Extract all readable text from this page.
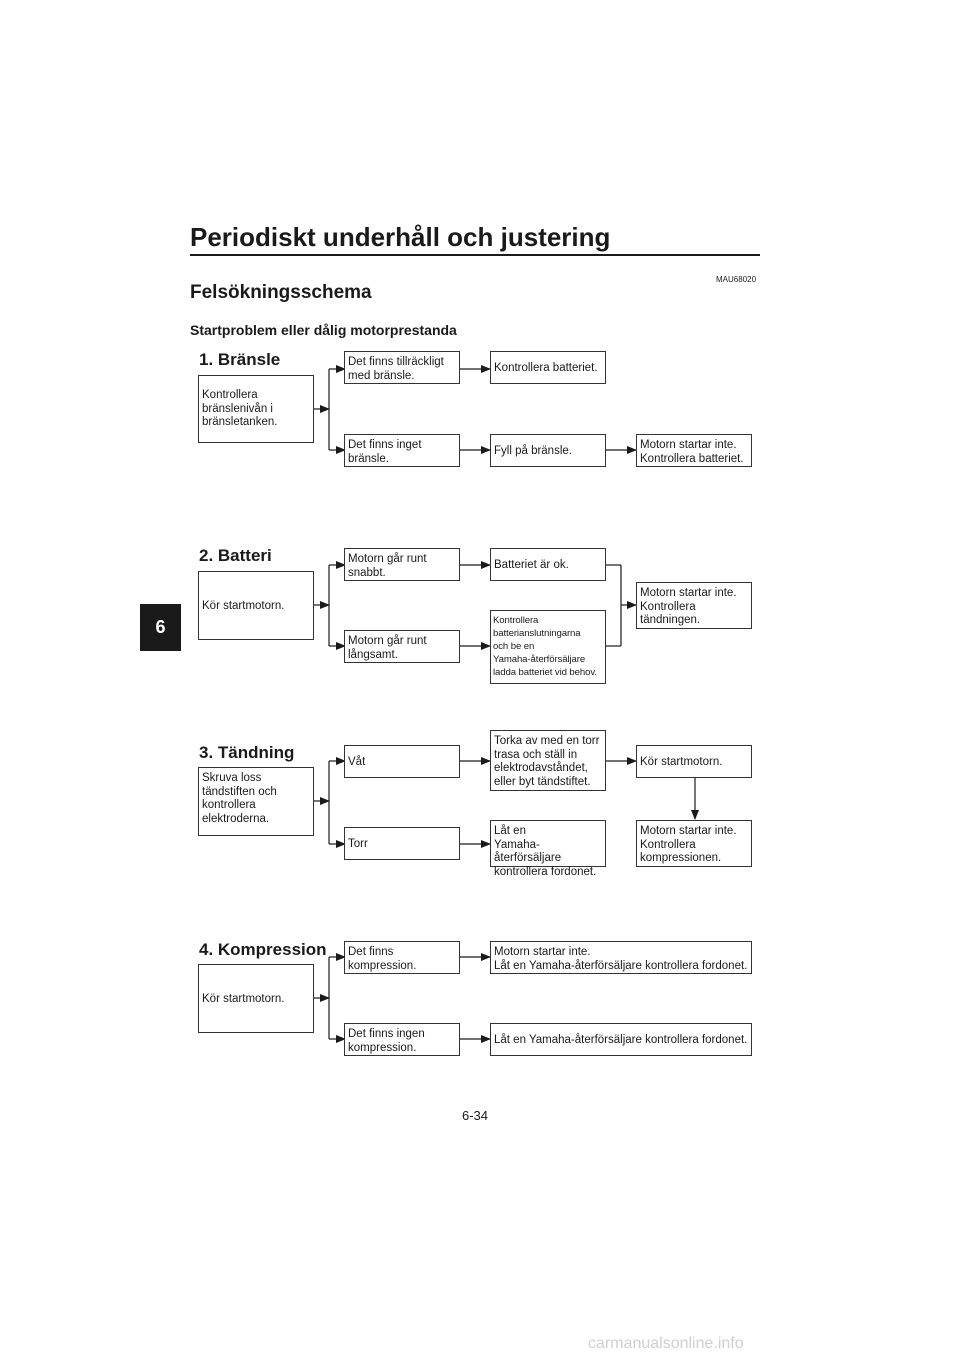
Periodiskt underhåll och justering
MAU68020
Felsökningsschema
Startproblem eller dålig motorprestanda
6
1. Bränsle
Kontrollera
bränslenivån i
bränsletanken.
Det finns tillräckligt
med bränsle.
Kontrollera batteriet.
Det finns inget
bränsle.
Fyll på bränsle.	Motorn startar inte.
Kontrollera batteriet.
2. Batteri
Kör startmotorn.
Motorn går runt
snabbt.
Batteriet är ok.
Motorn går runt
långsamt.
Kontrollera
batterianslutningarna
och be en
Yamaha-återförsäljare
ladda batteriet vid behov.
Motorn startar inte.
Kontrollera
tändningen.
3. Tändning
Skruva loss
tändstiften och
kontrollera
elektroderna.
Våt
Torka av med en torr
trasa och ställ in
elektrodavståndet,
eller byt tändstiftet.
Kör startmotorn.
Motorn startar inte.
Kontrollera
kompressionen.
Torr
Låt en
Yamaha-återförsäljare
kontrollera fordonet.
4. Kompression
Kör startmotorn.
Det finns
kompression.
Motorn startar inte.
Låt en Yamaha-återförsäljare kontrollera fordonet.
Det finns ingen
kompression.
Låt en Yamaha-återförsäljare kontrollera fordonet.
6-34
carmanualsonline.info
